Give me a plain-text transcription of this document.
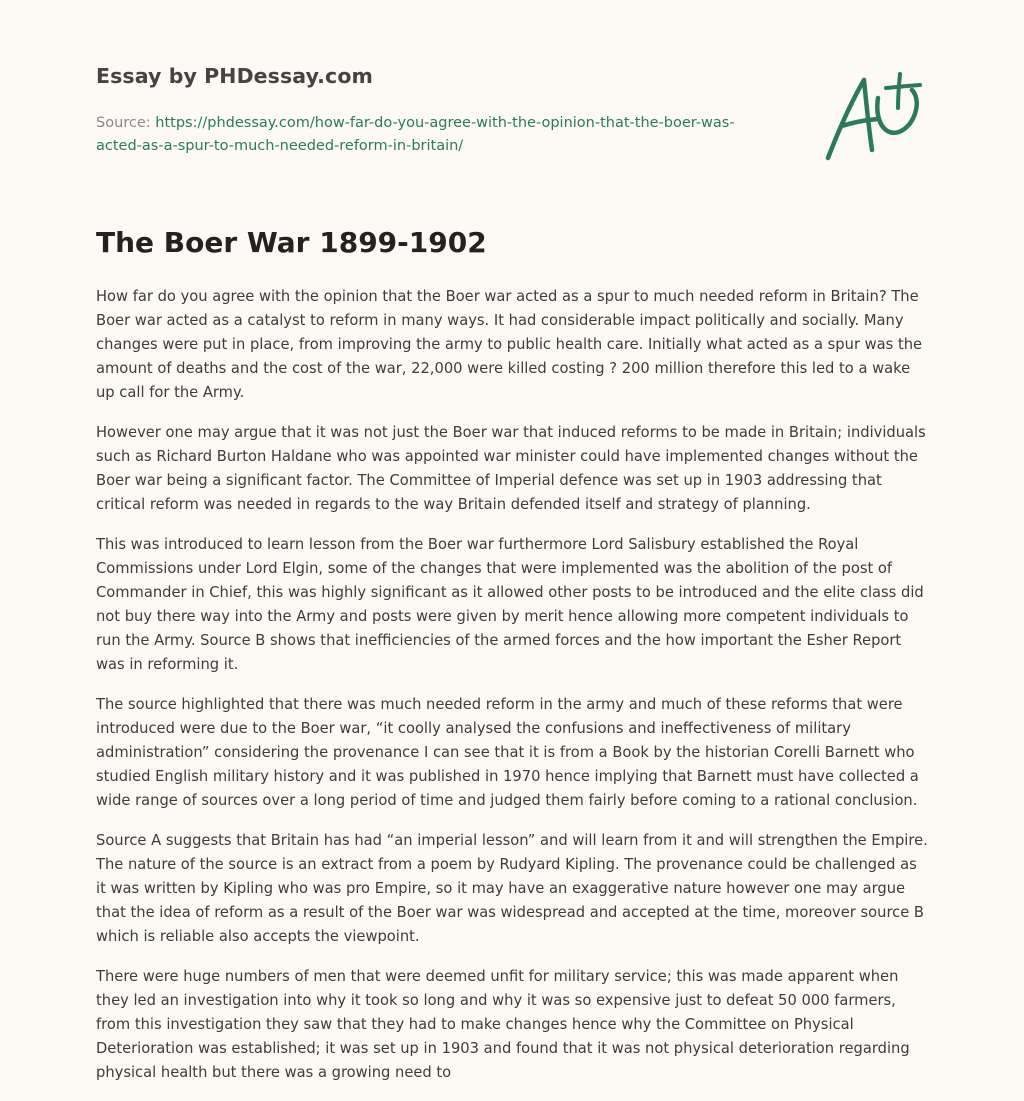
Essay by PHDessay.com
Source: https://phdessay.com/how-far-do-you-agree-with-the-opinion-that-the-boer-was-acted-as-a-spur-to-much-needed-reform-in-britain/
The Boer War 1899-1902

How far do you agree with the opinion that the Boer war acted as a spur to much needed reform in Britain? The Boer war acted as a catalyst to reform in many ways. It had considerable impact politically and socially. Many changes were put in place, from improving the army to public health care. Initially what acted as a spur was the amount of deaths and the cost of the war, 22,000 were killed costing ? 200 million therefore this led to a wake up call for the Army.

However one may argue that it was not just the Boer war that induced reforms to be made in Britain; individuals such as Richard Burton Haldane who was appointed war minister could have implemented changes without the Boer war being a significant factor. The Committee of Imperial defence was set up in 1903 addressing that critical reform was needed in regards to the way Britain defended itself and strategy of planning.

This was introduced to learn lesson from the Boer war furthermore Lord Salisbury established the Royal Commissions under Lord Elgin, some of the changes that were implemented was the abolition of the post of Commander in Chief, this was highly significant as it allowed other posts to be introduced and the elite class did not buy there way into the Army and posts were given by merit hence allowing more competent individuals to run the Army. Source B shows that inefficiencies of the armed forces and the how important the Esher Report was in reforming it.

The source highlighted that there was much needed reform in the army and much of these reforms that were introduced were due to the Boer war, “it coolly analysed the confusions and ineffectiveness of military administration” considering the provenance I can see that it is from a Book by the historian Corelli Barnett who studied English military history and it was published in 1970 hence implying that Barnett must have collected a wide range of sources over a long period of time and judged them fairly before coming to a rational conclusion.

Source A suggests that Britain has had “an imperial lesson” and will learn from it and will strengthen the Empire. The nature of the source is an extract from a poem by Rudyard Kipling. The provenance could be challenged as it was written by Kipling who was pro Empire, so it may have an exaggerative nature however one may argue that the idea of reform as a result of the Boer war was widespread and accepted at the time, moreover source B which is reliable also accepts the viewpoint.

There were huge numbers of men that were deemed unfit for military service; this was made apparent when they led an investigation into why it took so long and why it was so expensive just to defeat 50 000 farmers, from this investigation they saw that they had to make changes hence why the Committee on Physical Deterioration was established; it was set up in 1903 and found that it was not physical deterioration regarding physical health but there was a growing need to
